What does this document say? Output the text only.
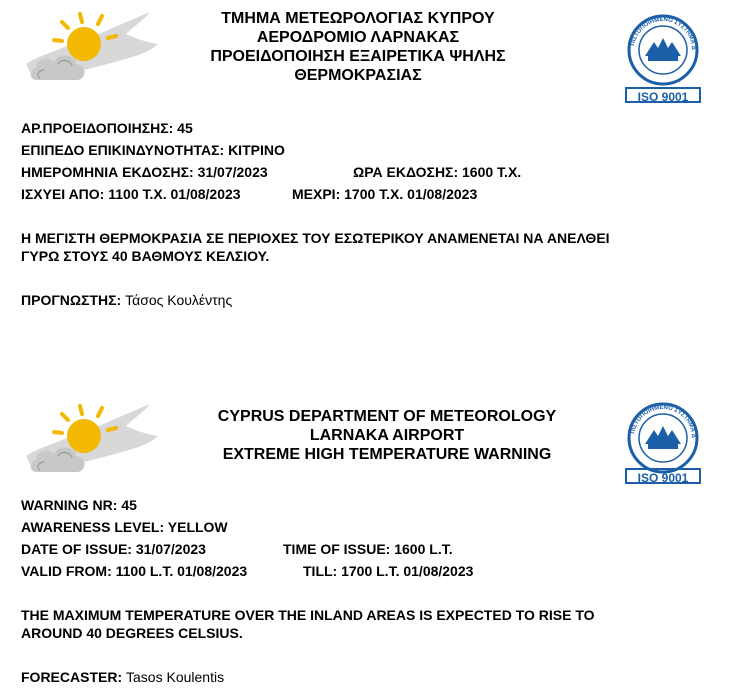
ΤΜΗΜΑ ΜΕΤΕΩΡΟΛΟΓΙΑΣ ΚΥΠΡΟΥ
ΑΕΡΟΔΡΟΜΙΟ ΛΑΡΝΑΚΑΣ
ΠΡΟΕΙΔΟΠΟΙΗΣΗ ΕΞΑΙΡΕΤΙΚΑ ΨΗΛΗΣ
ΘΕΡΜΟΚΡΑΣΙΑΣ
ΠΙΣΤΟΠΟΙΗΜΕΝΟ ΣΥΣΤΗΜΑ Δ
ISO 9001
ΑΡ.ΠΡΟΕΙΔΟΠΟΙΗΣΗΣ: 45
ΕΠΙΠΕΔΟ ΕΠΙΚΙΝΔΥΝΟΤΗΤΑΣ: ΚΙΤΡΙΝΟ
ΗΜΕΡΟΜΗΝΙΑ ΕΚΔΟΣΗΣ: 31/07/2023	ΩΡΑ ΕΚΔΟΣΗΣ: 1600 Τ.Χ.
ΙΣΧΥΕΙ ΑΠΟ: 1100 Τ.Χ. 01/08/2023	ΜΕΧΡΙ: 1700 Τ.Χ. 01/08/2023
Η ΜΕΓΙΣΤΗ ΘΕΡΜΟΚΡΑΣΙΑ ΣΕ ΠΕΡΙΟΧΕΣ ΤΟΥ ΕΣΩΤΕΡΙΚΟΥ ΑΝΑΜΕΝΕΤΑΙ ΝΑ ΑΝΕΛΘΕΙ
ΓΥΡΩ ΣΤΟΥΣ 40 ΒΑΘΜΟΥΣ ΚΕΛΣΙΟΥ.
ΠΡΟΓΝΩΣΤΗΣ: Τάσος Κουλέντης
CYPRUS DEPARTMENT OF METEOROLOGY
LARNAKA AIRPORT
EXTREME HIGH TEMPERATURE WARNING
ΠΙΣΤΟΠΟΙΗΜΕΝΟ ΣΥΣΤΗΜΑ Δ
ISO 9001
WARNING NR: 45
AWARENESS LEVEL: YELLOW
DATE OF ISSUE: 31/07/2023	TIME OF ISSUE: 1600 L.T.
VALID FROM: 1100 L.T. 01/08/2023	TILL: 1700 L.T. 01/08/2023
THE MAXIMUM TEMPERATURE OVER THE INLAND AREAS IS EXPECTED TO RISE TO
AROUND 40 DEGREES CELSIUS.
FORECASTER: Tasos Koulentis
